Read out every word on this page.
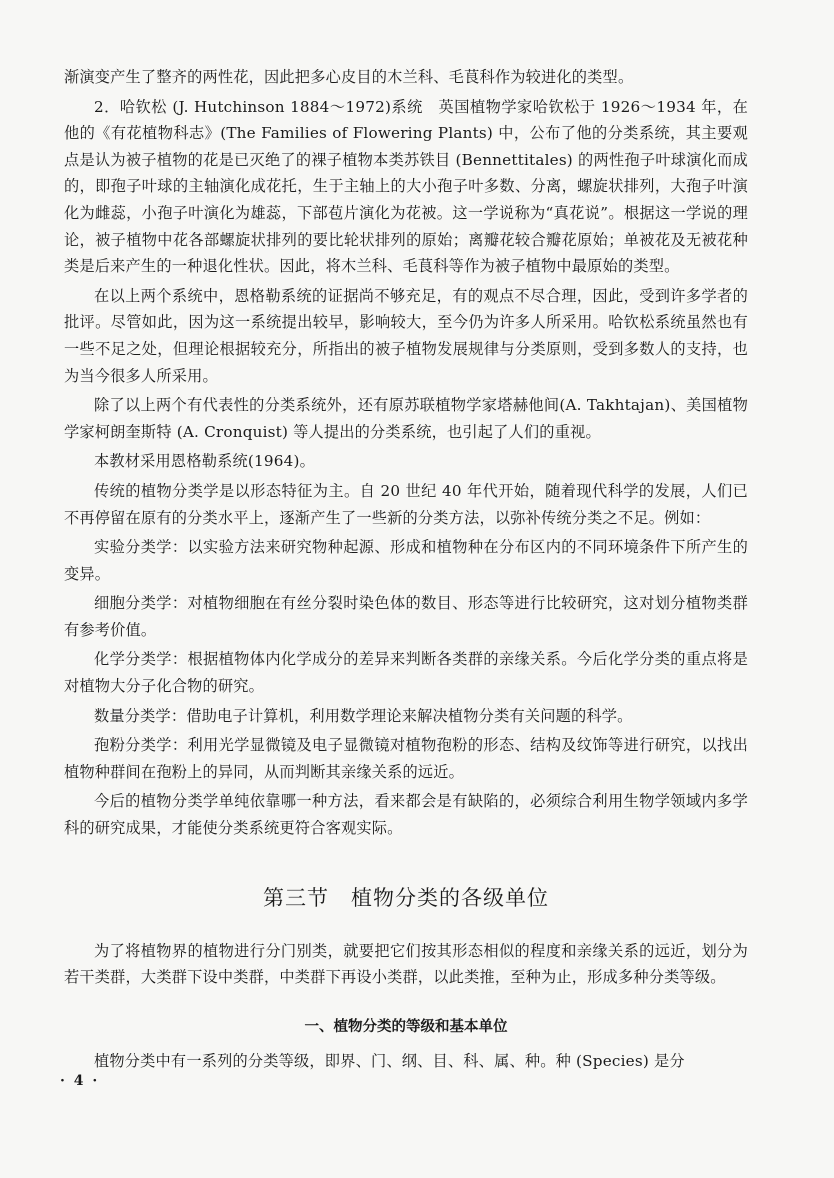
渐演变产生了整齐的两性花，因此把多心皮目的木兰科、毛茛科作为较进化的类型。

2．哈钦松 (J. Hutchinson 1884～1972)系统　英国植物学家哈钦松于 1926～1934 年，在他的《有花植物科志》(The Families of Flowering Plants) 中，公布了他的分类系统，其主要观点是认为被子植物的花是已灭绝了的裸子植物本类苏铁目 (Bennettitales) 的两性孢子叶球演化而成的，即孢子叶球的主轴演化成花托，生于主轴上的大小孢子叶多数、分离，螺旋状排列，大孢子叶演化为雌蕊，小孢子叶演化为雄蕊，下部苞片演化为花被。这一学说称为“真花说”。根据这一学说的理论，被子植物中花各部螺旋状排列的要比轮状排列的原始；离瓣花较合瓣花原始；单被花及无被花种类是后来产生的一种退化性状。因此，将木兰科、毛茛科等作为被子植物中最原始的类型。

在以上两个系统中，恩格勒系统的证据尚不够充足，有的观点不尽合理，因此，受到许多学者的批评。尽管如此，因为这一系统提出较早，影响较大，至今仍为许多人所采用。哈钦松系统虽然也有一些不足之处，但理论根据较充分，所指出的被子植物发展规律与分类原则，受到多数人的支持，也为当今很多人所采用。

除了以上两个有代表性的分类系统外，还有原苏联植物学家塔赫他间(A. Takhtajan)、美国植物学家柯朗奎斯特 (A. Cronquist) 等人提出的分类系统，也引起了人们的重视。

本教材采用恩格勒系统(1964)。

传统的植物分类学是以形态特征为主。自 20 世纪 40 年代开始，随着现代科学的发展，人们已不再停留在原有的分类水平上，逐渐产生了一些新的分类方法，以弥补传统分类之不足。例如：

实验分类学：以实验方法来研究物种起源、形成和植物种在分布区内的不同环境条件下所产生的变异。

细胞分类学：对植物细胞在有丝分裂时染色体的数目、形态等进行比较研究，这对划分植物类群有参考价值。

化学分类学：根据植物体内化学成分的差异来判断各类群的亲缘关系。今后化学分类的重点将是对植物大分子化合物的研究。

数量分类学：借助电子计算机，利用数学理论来解决植物分类有关问题的科学。

孢粉分类学：利用光学显微镜及电子显微镜对植物孢粉的形态、结构及纹饰等进行研究，以找出植物种群间在孢粉上的异同，从而判断其亲缘关系的远近。

今后的植物分类学单纯依靠哪一种方法，看来都会是有缺陷的，必须综合利用生物学领域内多学科的研究成果，才能使分类系统更符合客观实际。

第三节　植物分类的各级单位

为了将植物界的植物进行分门别类，就要把它们按其形态相似的程度和亲缘关系的远近，划分为若干类群，大类群下设中类群，中类群下再设小类群，以此类推，至种为止，形成多种分类等级。

一、植物分类的等级和基本单位

植物分类中有一系列的分类等级，即界、门、纲、目、科、属、种。种 (Species) 是分

· 4 ·
